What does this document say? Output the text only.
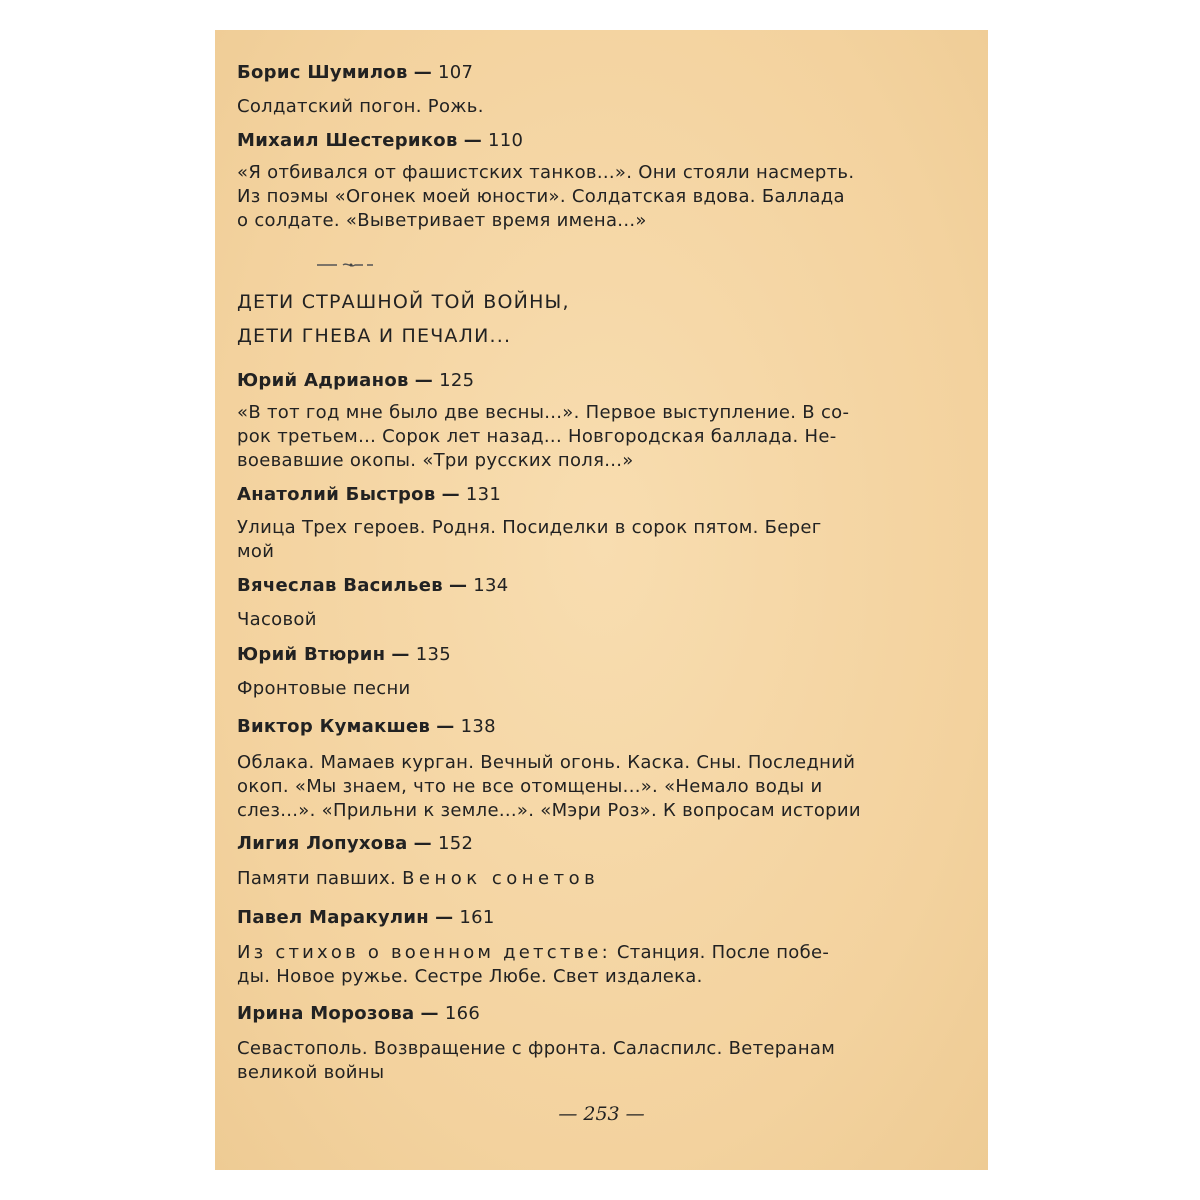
Борис Шумилов — 107
Солдатский погон. Рожь.
Михаил Шестериков — 110
«Я отбивался от фашистских танков...». Они стояли насмерть.
Из поэмы «Огонек моей юности». Солдатская вдова. Баллада
о солдате. «Выветривает время имена...»
ДЕТИ СТРАШНОЙ ТОЙ ВОЙНЫ,
ДЕТИ ГНЕВА И ПЕЧАЛИ...
Юрий Адрианов — 125
«В тот год мне было две весны...». Первое выступление. В со-
рок третьем... Сорок лет назад... Новгородская баллада. Не-
воевавшие окопы. «Три русских поля...»
Анатолий Быстров — 131
Улица Трех героев. Родня. Посиделки в сорок пятом. Берег
мой
Вячеслав Васильев — 134
Часовой
Юрий Втюрин — 135
Фронтовые песни
Виктор Кумакшев — 138
Облака. Мамаев курган. Вечный огонь. Каска. Сны. Последний
окоп. «Мы знаем, что не все отомщены...». «Немало воды и
слез...». «Прильни к земле...». «Мэри Роз». К вопросам истории
Лигия Лопухова — 152
Памяти павших. Венок сонетов
Павел Маракулин — 161
Из стихов о военном детстве: Станция. После побе-
ды. Новое ружье. Сестре Любе. Свет издалека.
Ирина Морозова — 166
Севастополь. Возвращение с фронта. Саласпилс. Ветеранам
великой войны
— 253 —
